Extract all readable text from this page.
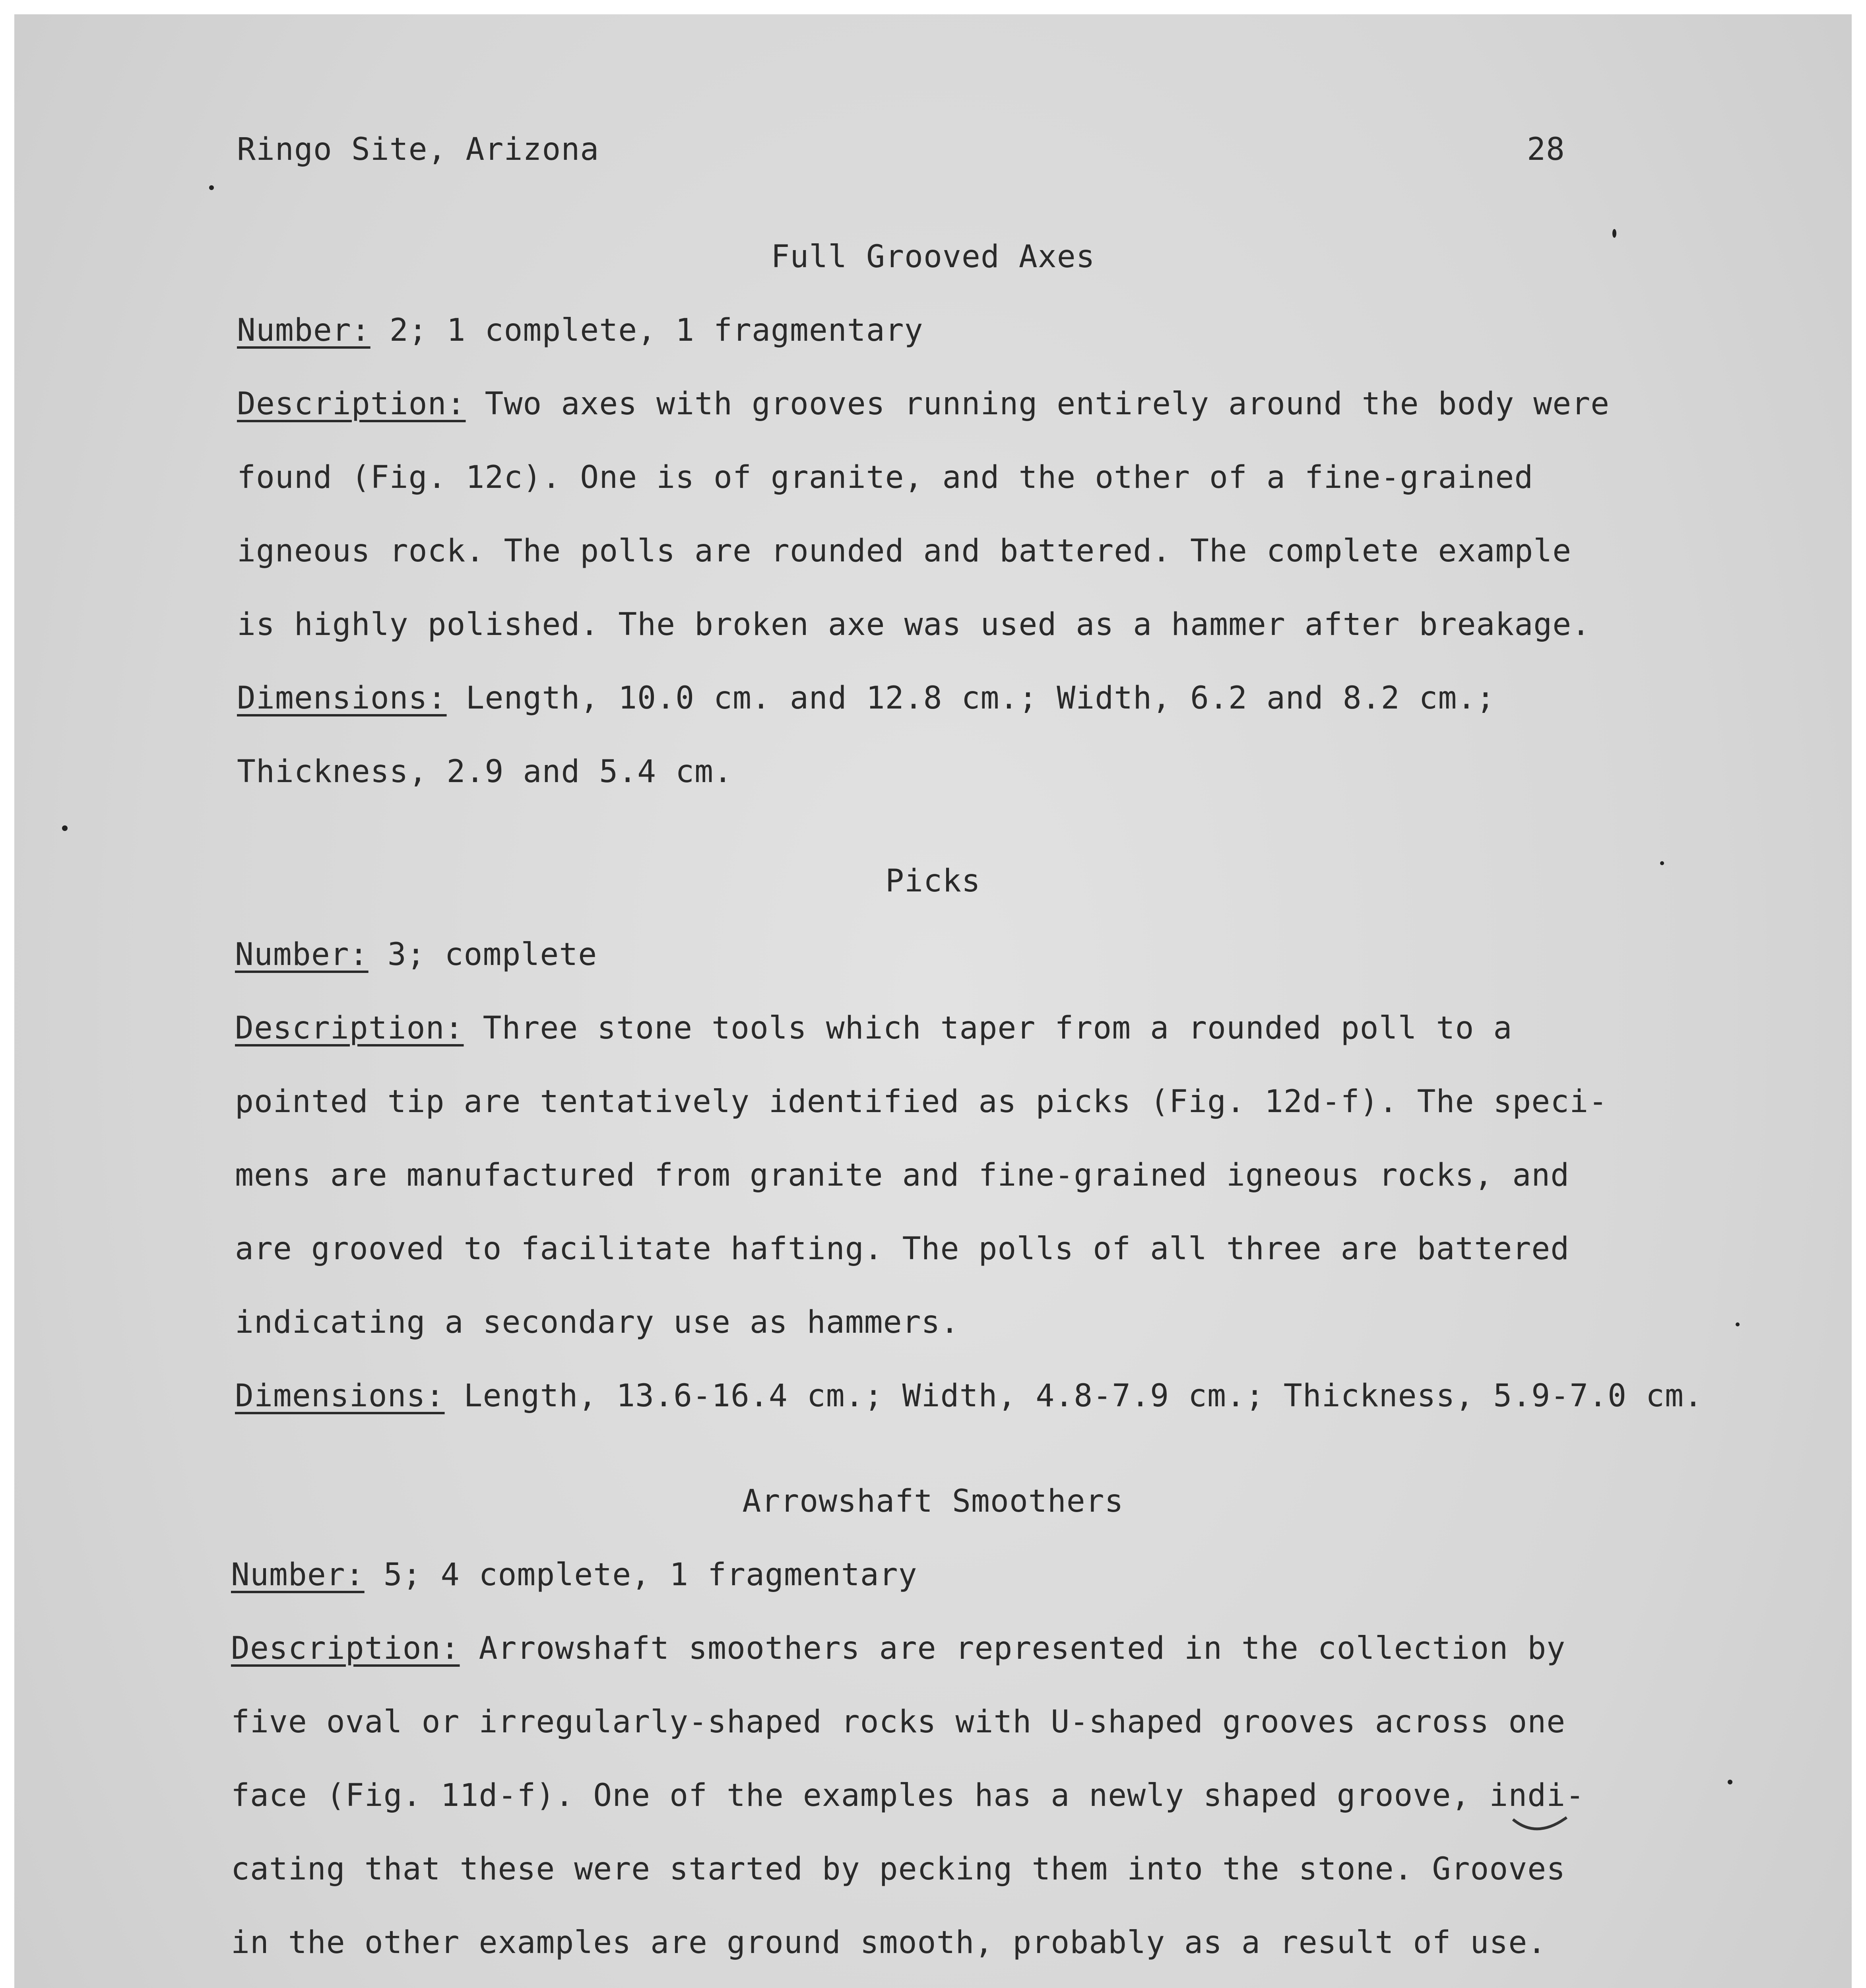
Ringo Site, Arizona	28

Full Grooved Axes

Number: 2; 1 complete, 1 fragmentary

Description: Two axes with grooves running entirely around the body were

found (Fig. 12c). One is of granite, and the other of a fine-grained

igneous rock. The polls are rounded and battered. The complete example

is highly polished. The broken axe was used as a hammer after breakage.

Dimensions: Length, 10.0 cm. and 12.8 cm.; Width, 6.2 and 8.2 cm.;

Thickness, 2.9 and 5.4 cm.

Picks

Number: 3; complete

Description: Three stone tools which taper from a rounded poll to a

pointed tip are tentatively identified as picks (Fig. 12d-f). The speci-

mens are manufactured from granite and fine-grained igneous rocks, and

are grooved to facilitate hafting. The polls of all three are battered

indicating a secondary use as hammers.

Dimensions: Length, 13.6-16.4 cm.; Width, 4.8-7.9 cm.; Thickness, 5.9-7.0 cm.

Arrowshaft Smoothers

Number: 5; 4 complete, 1 fragmentary

Description: Arrowshaft smoothers are represented in the collection by

five oval or irregularly-shaped rocks with U-shaped grooves across one

face (Fig. 11d-f). One of the examples has a newly shaped groove, indi-

cating that these were started by pecking them into the stone. Grooves

in the other examples are ground smooth, probably as a result of use.
